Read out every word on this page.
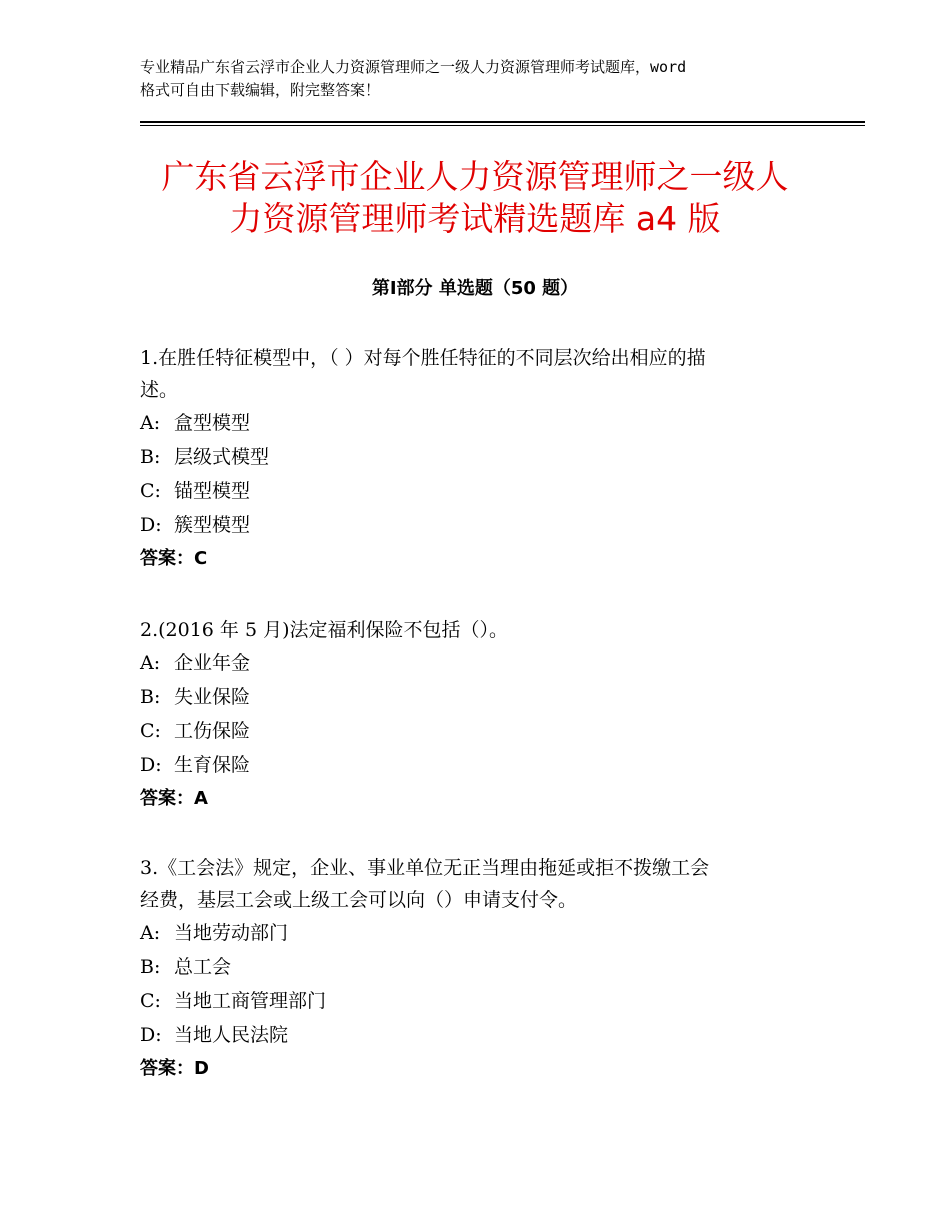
专业精品广东省云浮市企业人力资源管理师之一级人力资源管理师考试题库，word
格式可自由下载编辑，附完整答案！
广东省云浮市企业人力资源管理师之一级人
力资源管理师考试精选题库 a4 版
第Ⅰ部分 单选题（50 题）

1.在胜任特征模型中，（ ）对每个胜任特征的不同层次给出相应的描
述。

A: 盒型模型

B: 层级式模型

C: 锚型模型

D: 簇型模型

答案：C

2.(2016 年 5 月)法定福利保险不包括（）。

A: 企业年金

B: 失业保险

C: 工伤保险

D: 生育保险

答案：A

3.《工会法》规定，企业、事业单位无正当理由拖延或拒不拨缴工会
经费，基层工会或上级工会可以向（）申请支付令。

A: 当地劳动部门

B: 总工会

C: 当地工商管理部门

D: 当地人民法院

答案：D
